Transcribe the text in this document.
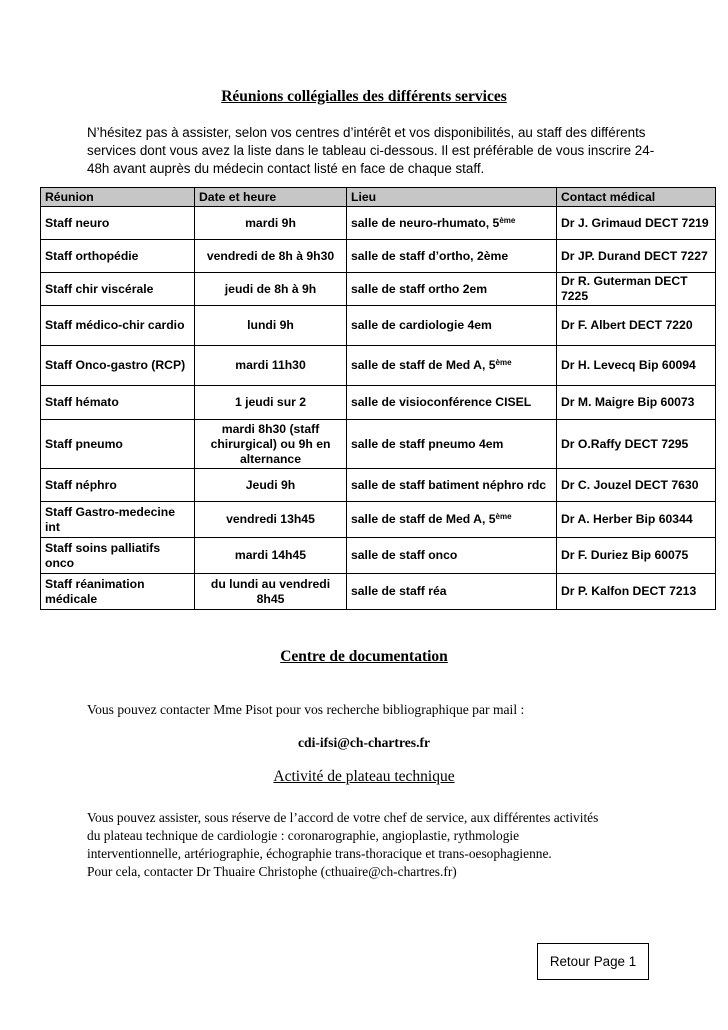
Réunions collégialles des différents services
N’hésitez pas à assister, selon vos centres d’intérêt et vos disponibilités, au staff des différents services dont vous avez la liste dans le tableau ci-dessous. Il est préférable de vous inscrire 24-48h avant auprès du médecin contact listé en face de chaque staff.
Réunion	Date et heure	Lieu	Contact médical
Staff neuro	mardi 9h	salle de neuro-rhumato, 5ème	Dr J. Grimaud DECT 7219
Staff orthopédie	vendredi de 8h à 9h30	salle de staff d’ortho, 2ème	Dr JP. Durand DECT 7227
Staff chir viscérale	jeudi de 8h à 9h	salle de staff ortho 2em	Dr R. Guterman DECT 7225
Staff médico-chir cardio	lundi 9h	salle de cardiologie 4em	Dr F. Albert DECT 7220
Staff Onco-gastro (RCP)	mardi 11h30	salle de staff de Med A, 5ème	Dr H. Levecq Bip 60094
Staff hémato	1 jeudi sur 2	salle de visioconférence CISEL	Dr M. Maigre Bip 60073
Staff pneumo	mardi 8h30 (staff chirurgical) ou 9h en alternance	salle de staff pneumo 4em	Dr O.Raffy DECT 7295
Staff néphro	Jeudi 9h	salle de staff batiment néphro rdc	Dr C. Jouzel DECT 7630
Staff Gastro-medecine int	vendredi 13h45	salle de staff de Med A, 5ème	Dr A. Herber Bip 60344
Staff soins palliatifs onco	mardi 14h45	salle de staff onco	Dr F. Duriez Bip 60075
Staff réanimation médicale	du lundi au vendredi 8h45	salle de staff réa	Dr P. Kalfon DECT 7213
Centre de documentation
Vous pouvez contacter Mme Pisot pour vos recherche bibliographique par mail :
cdi-ifsi@ch-chartres.fr
Activité de plateau technique

Vous pouvez assister, sous réserve de l’accord de votre chef de service, aux différentes activités

du plateau technique de cardiologie : coronarographie, angioplastie, rythmologie

interventionnelle, artériographie, échographie trans-thoracique et trans-oesophagienne.

Pour cela, contacter Dr Thuaire Christophe (cthuaire@ch-chartres.fr)

Retour Page 1
